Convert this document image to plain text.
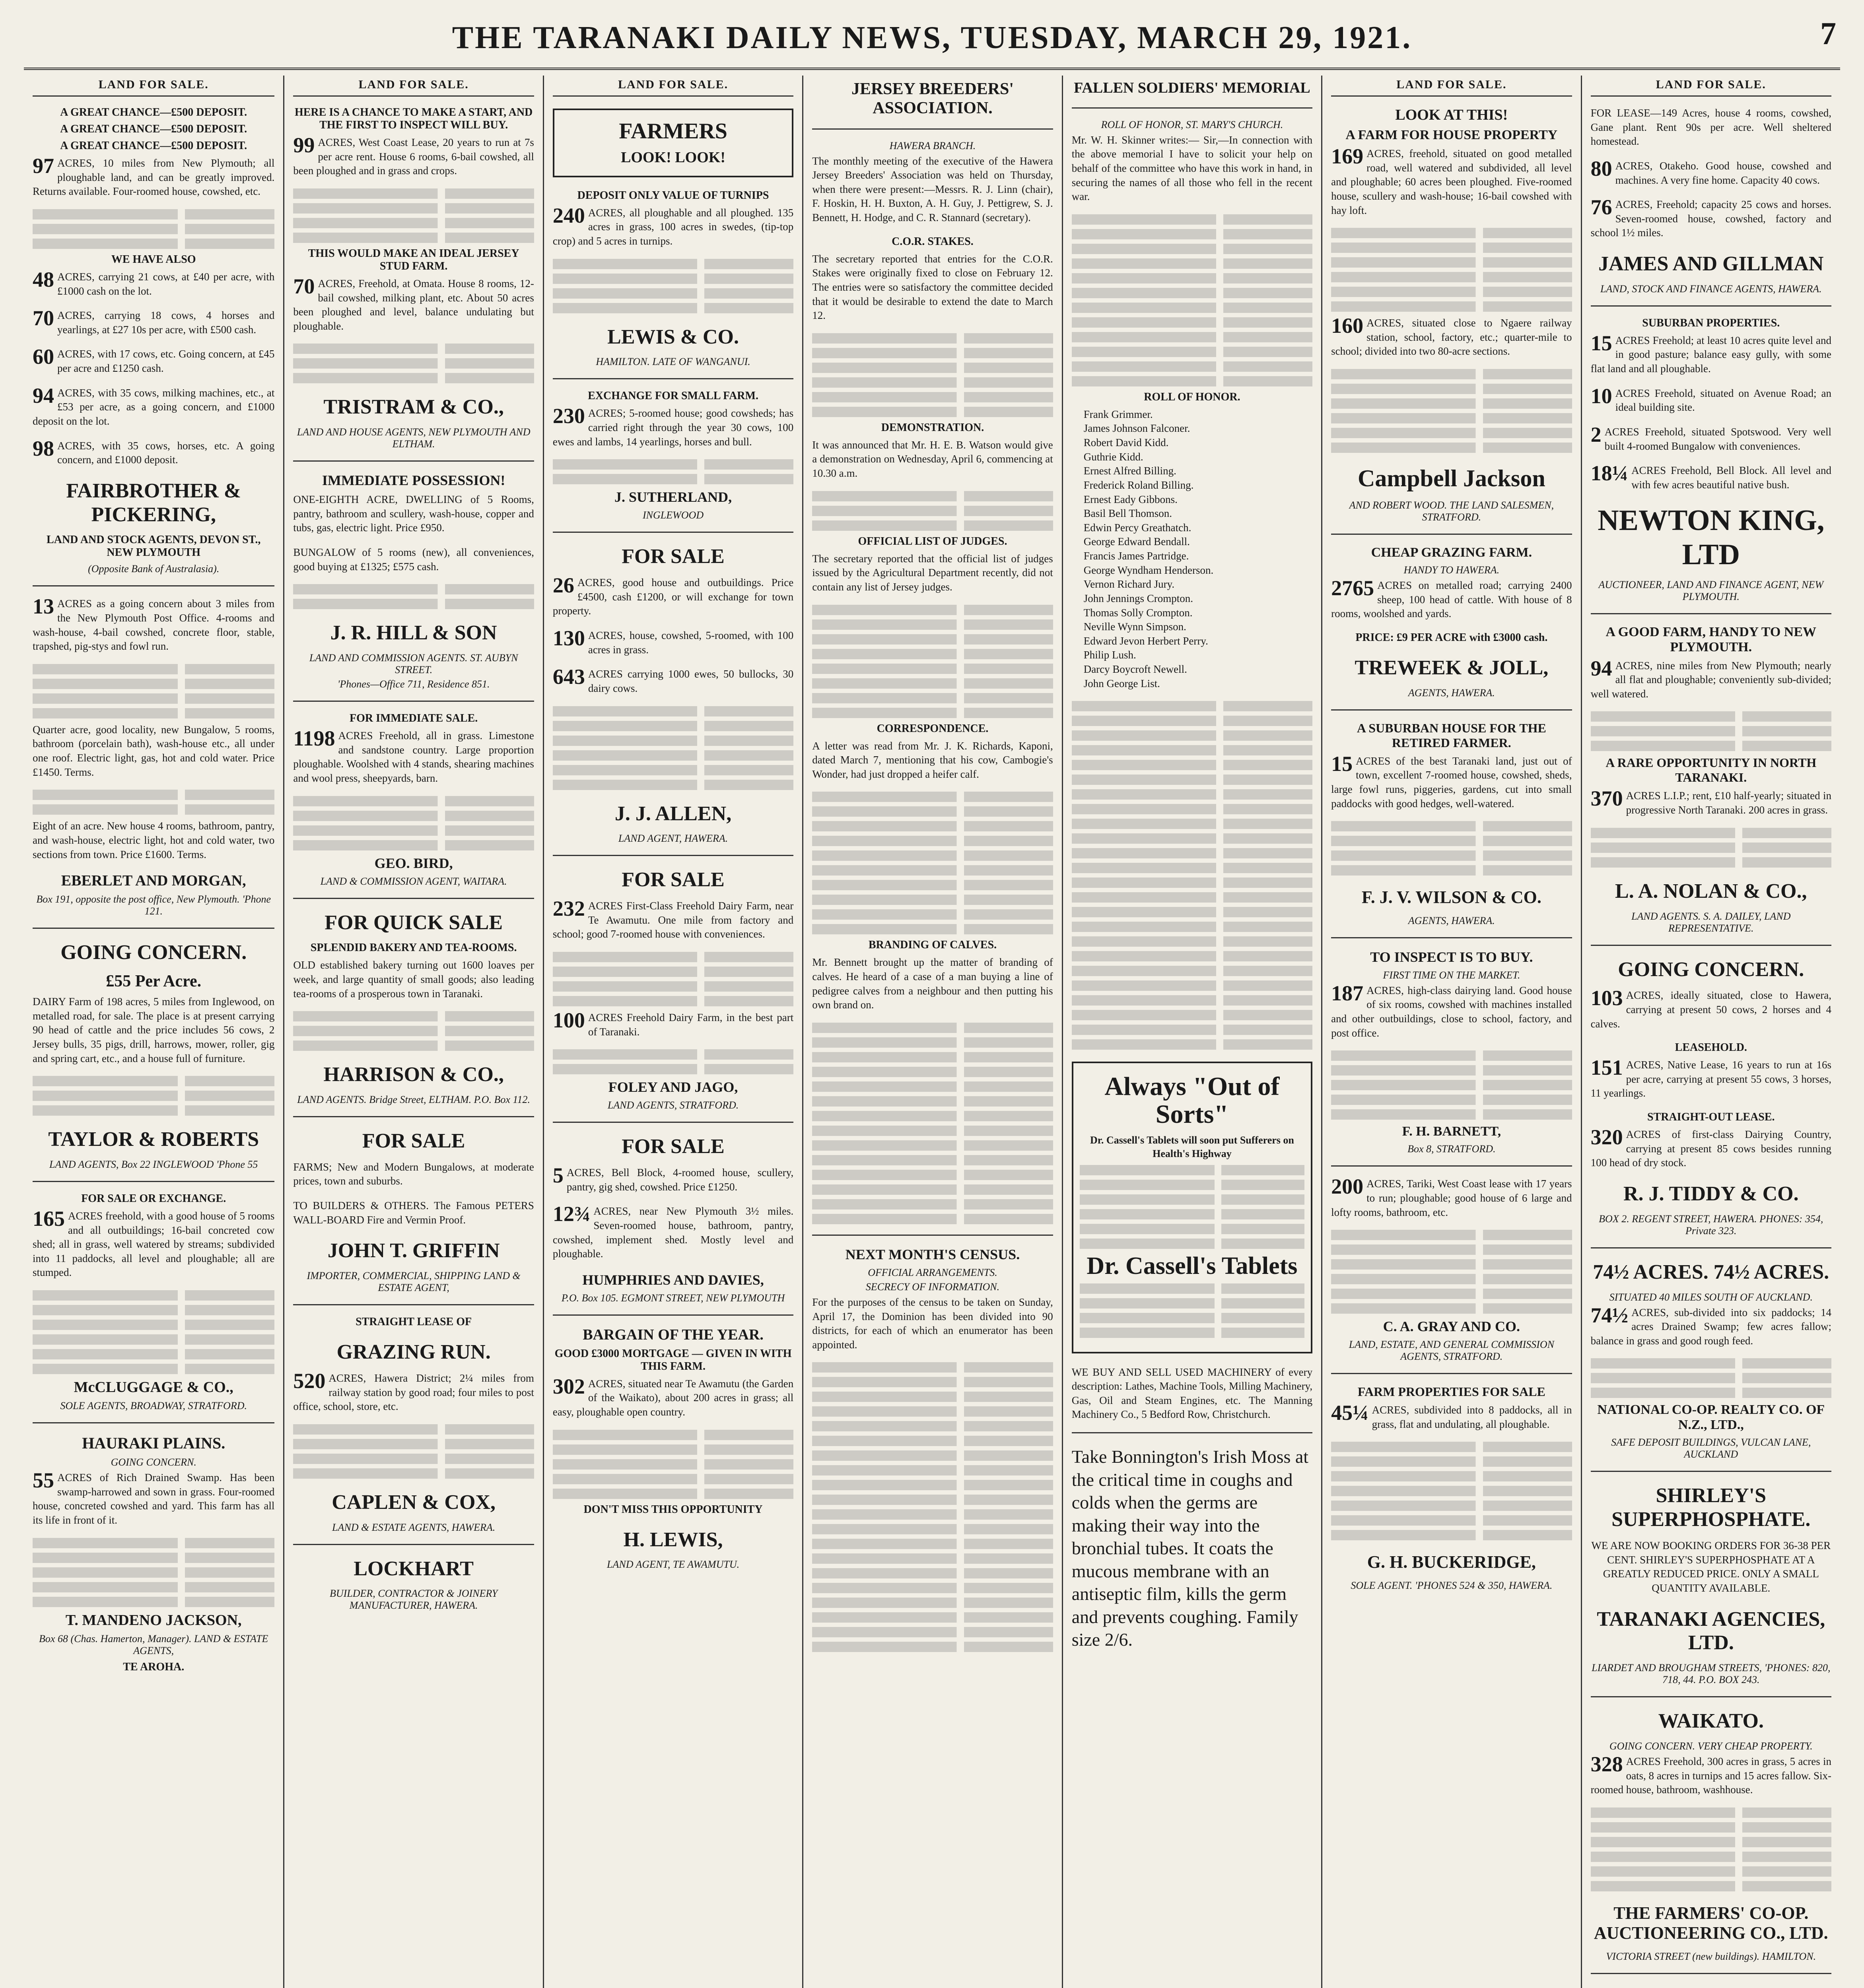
THE TARANAKI DAILY NEWS, TUESDAY, MARCH 29, 1921.	7
LAND FOR SALE.
A GREAT CHANCE—£500 DEPOSIT.
A GREAT CHANCE—£500 DEPOSIT.
A GREAT CHANCE—£500 DEPOSIT.

97 ACRES, 10 miles from New Plymouth; all ploughable land, and can be greatly improved. Returns available. Four-roomed house, cowshed, etc.

WE HAVE ALSO

48 ACRES, carrying 21 cows, at £40 per acre, with £1000 cash on the lot.

70 ACRES, carrying 18 cows, 4 horses and yearlings, at £27 10s per acre, with £500 cash.

60 ACRES, with 17 cows, etc. Going concern, at £45 per acre and £1250 cash.

94 ACRES, with 35 cows, milking machines, etc., at £53 per acre, as a going concern, and £1000 deposit on the lot.

98 ACRES, with 35 cows, horses, etc. A going concern, and £1000 deposit.

FAIRBROTHER & PICKERING,
LAND AND STOCK AGENTS, DEVON ST., NEW PLYMOUTH
(Opposite Bank of Australasia).

13 ACRES as a going concern about 3 miles from the New Plymouth Post Office. 4-rooms and wash-house, 4-bail cowshed, concrete floor, stable, trapshed, pig-stys and fowl run.

Quarter acre, good locality, new Bungalow, 5 rooms, bathroom (porcelain bath), wash-house etc., all under one roof. Electric light, gas, hot and cold water. Price £1450. Terms.

Eight of an acre. New house 4 rooms, bathroom, pantry, and wash-house, electric light, hot and cold water, two sections from town. Price £1600. Terms.

EBERLET AND MORGAN,
Box 191, opposite the post office, New Plymouth. 'Phone 121.
GOING CONCERN.
£55 Per Acre.

DAIRY Farm of 198 acres, 5 miles from Inglewood, on metalled road, for sale. The place is at present carrying 90 head of cattle and the price includes 56 cows, 2 Jersey bulls, 35 pigs, drill, harrows, mower, roller, gig and spring cart, etc., and a house full of furniture.

TAYLOR & ROBERTS
LAND AGENTS, Box 22 INGLEWOOD 'Phone 55
FOR SALE OR EXCHANGE.

165 ACRES freehold, with a good house of 5 rooms and all outbuildings; 16-bail concreted cow shed; all in grass, well watered by streams; subdivided into 11 paddocks, all level and ploughable; all are stumped.

McCLUGGAGE & CO.,
SOLE AGENTS, BROADWAY, STRATFORD.
HAURAKI PLAINS.
GOING CONCERN.

55 ACRES of Rich Drained Swamp. Has been swamp-harrowed and sown in grass. Four-roomed house, concreted cowshed and yard. This farm has all its life in front of it.

T. MANDENO JACKSON,
Box 68 (Chas. Hamerton, Manager). LAND & ESTATE AGENTS,
TE AROHA.
LAND FOR SALE.
HERE IS A CHANCE TO MAKE A START, AND THE FIRST TO INSPECT WILL BUY.

99 ACRES, West Coast Lease, 20 years to run at 7s per acre rent. House 6 rooms, 6-bail cowshed, all been ploughed and in grass and crops.

THIS WOULD MAKE AN IDEAL JERSEY STUD FARM.

70 ACRES, Freehold, at Omata. House 8 rooms, 12-bail cowshed, milking plant, etc. About 50 acres been ploughed and level, balance undulating but ploughable.

TRISTRAM & CO.,
LAND AND HOUSE AGENTS, NEW PLYMOUTH AND ELTHAM.
IMMEDIATE POSSESSION!

ONE-EIGHTH ACRE, DWELLING of 5 Rooms, pantry, bathroom and scullery, wash-house, copper and tubs, gas, electric light. Price £950.

BUNGALOW of 5 rooms (new), all conveniences, good buying at £1325; £575 cash.

J. R. HILL & SON
LAND AND COMMISSION AGENTS. ST. AUBYN STREET.
'Phones—Office 711, Residence 851.
FOR IMMEDIATE SALE.

1198 ACRES Freehold, all in grass. Limestone and sandstone country. Large proportion ploughable. Woolshed with 4 stands, shearing machines and wool press, sheepyards, barn.

GEO. BIRD,
LAND & COMMISSION AGENT, WAITARA.
FOR QUICK SALE
SPLENDID BAKERY AND TEA-ROOMS.

OLD established bakery turning out 1600 loaves per week, and large quantity of small goods; also leading tea-rooms of a prosperous town in Taranaki.

HARRISON & CO.,
LAND AGENTS. Bridge Street, ELTHAM. P.O. Box 112.
FOR SALE

FARMS; New and Modern Bungalows, at moderate prices, town and suburbs.

TO BUILDERS & OTHERS. The Famous PETERS WALL-BOARD Fire and Vermin Proof.

JOHN T. GRIFFIN
IMPORTER, COMMERCIAL, SHIPPING LAND & ESTATE AGENT,
STRAIGHT LEASE OF
GRAZING RUN.

520 ACRES, Hawera District; 2¼ miles from railway station by good road; four miles to post office, school, store, etc.

CAPLEN & COX,
LAND & ESTATE AGENTS, HAWERA.
LOCKHART
BUILDER, CONTRACTOR & JOINERY MANUFACTURER, HAWERA.
LAND FOR SALE.
FARMERS
LOOK! LOOK!
DEPOSIT ONLY VALUE OF TURNIPS

240 ACRES, all ploughable and all ploughed. 135 acres in grass, 100 acres in swedes, (tip-top crop) and 5 acres in turnips.

LEWIS & CO.
HAMILTON. LATE OF WANGANUI.
EXCHANGE FOR SMALL FARM.

230 ACRES; 5-roomed house; good cowsheds; has carried right through the year 30 cows, 100 ewes and lambs, 14 yearlings, horses and bull.

J. SUTHERLAND,
INGLEWOOD
FOR SALE

26 ACRES, good house and outbuildings. Price £4500, cash £1200, or will exchange for town property.

130 ACRES, house, cowshed, 5-roomed, with 100 acres in grass.

643 ACRES carrying 1000 ewes, 50 bullocks, 30 dairy cows.

J. J. ALLEN,
LAND AGENT, HAWERA.
FOR SALE

232 ACRES First-Class Freehold Dairy Farm, near Te Awamutu. One mile from factory and school; good 7-roomed house with conveniences.

100 ACRES Freehold Dairy Farm, in the best part of Taranaki.

FOLEY AND JAGO,
LAND AGENTS, STRATFORD.
FOR SALE

5 ACRES, Bell Block, 4-roomed house, scullery, pantry, gig shed, cowshed. Price £1250.

12¾ ACRES, near New Plymouth 3½ miles. Seven-roomed house, bathroom, pantry, cowshed, implement shed. Mostly level and ploughable.

HUMPHRIES AND DAVIES,
P.O. Box 105. EGMONT STREET, NEW PLYMOUTH
BARGAIN OF THE YEAR.
GOOD £3000 MORTGAGE — GIVEN IN WITH THIS FARM.

302 ACRES, situated near Te Awamutu (the Garden of the Waikato), about 200 acres in grass; all easy, ploughable open country.

DON'T MISS THIS OPPORTUNITY
H. LEWIS,
LAND AGENT, TE AWAMUTU.
JERSEY BREEDERS' ASSOCIATION.
HAWERA BRANCH.

The monthly meeting of the executive of the Hawera Jersey Breeders' Association was held on Thursday, when there were present:—Messrs. R. J. Linn (chair), F. Hoskin, H. H. Buxton, A. H. Guy, J. Pettigrew, S. J. Bennett, H. Hodge, and C. R. Stannard (secretary).

C.O.R. STAKES.

The secretary reported that entries for the C.O.R. Stakes were originally fixed to close on February 12. The entries were so satisfactory the committee decided that it would be desirable to extend the date to March 12.

DEMONSTRATION.

It was announced that Mr. H. E. B. Watson would give a demonstration on Wednesday, April 6, commencing at 10.30 a.m.

OFFICIAL LIST OF JUDGES.

The secretary reported that the official list of judges issued by the Agricultural Department recently, did not contain any list of Jersey judges.

CORRESPONDENCE.

A letter was read from Mr. J. K. Richards, Kaponi, dated March 7, mentioning that his cow, Cambogie's Wonder, had just dropped a heifer calf.

BRANDING OF CALVES.

Mr. Bennett brought up the matter of branding of calves. He heard of a case of a man buying a line of pedigree calves from a neighbour and then putting his own brand on.

NEXT MONTH'S CENSUS.
OFFICIAL ARRANGEMENTS.
SECRECY OF INFORMATION.

For the purposes of the census to be taken on Sunday, April 17, the Dominion has been divided into 90 districts, for each of which an enumerator has been appointed.

FALLEN SOLDIERS' MEMORIAL
ROLL OF HONOR, ST. MARY'S CHURCH.

Mr. W. H. Skinner writes:— Sir,—In connection with the above memorial I have to solicit your help on behalf of the committee who have this work in hand, in securing the names of all those who fell in the recent war.

ROLL OF HONOR.
Frank Grimmer.
James Johnson Falconer.
Robert David Kidd.
Guthrie Kidd.
Ernest Alfred Billing.
Frederick Roland Billing.
Ernest Eady Gibbons.
Basil Bell Thomson.
Edwin Percy Greathatch.
George Edward Bendall.
Francis James Partridge.
George Wyndham Henderson.
Vernon Richard Jury.
John Jennings Crompton.
Thomas Solly Crompton.
Neville Wynn Simpson.
Edward Jevon Herbert Perry.
Philip Lush.
Darcy Boycroft Newell.
John George List.
Always "Out of Sorts"
Dr. Cassell's Tablets will soon put Sufferers on Health's Highway
Dr. Cassell's Tablets

WE BUY AND SELL USED MACHINERY of every description: Lathes, Machine Tools, Milling Machinery, Gas, Oil and Steam Engines, etc. The Manning Machinery Co., 5 Bedford Row, Christchurch.

Take Bonnington's Irish Moss at the critical time in coughs and colds when the germs are making their way into the bronchial tubes. It coats the mucous membrane with an antiseptic film, kills the germ and prevents coughing. Family size 2/6.
LAND FOR SALE.
LOOK AT THIS!
A FARM FOR HOUSE PROPERTY

169 ACRES, freehold, situated on good metalled road, well watered and subdivided, all level and ploughable; 60 acres been ploughed. Five-roomed house, scullery and wash-house; 16-bail cowshed with hay loft.

160 ACRES, situated close to Ngaere railway station, school, factory, etc.; quarter-mile to school; divided into two 80-acre sections.

Campbell Jackson
AND ROBERT WOOD. THE LAND SALESMEN, STRATFORD.
CHEAP GRAZING FARM.
HANDY TO HAWERA.

2765 ACRES on metalled road; carrying 2400 sheep, 100 head of cattle. With house of 8 rooms, woolshed and yards.

PRICE: £9 PER ACRE with £3000 cash.
TREWEEK & JOLL,
AGENTS, HAWERA.
A SUBURBAN HOUSE FOR THE RETIRED FARMER.

15 ACRES of the best Taranaki land, just out of town, excellent 7-roomed house, cowshed, sheds, large fowl runs, piggeries, gardens, cut into small paddocks with good hedges, well-watered.

F. J. V. WILSON & CO.
AGENTS, HAWERA.
TO INSPECT IS TO BUY.
FIRST TIME ON THE MARKET.

187 ACRES, high-class dairying land. Good house of six rooms, cowshed with machines installed and other outbuildings, close to school, factory, and post office.

F. H. BARNETT,
Box 8, STRATFORD.

200 ACRES, Tariki, West Coast lease with 17 years to run; ploughable; good house of 6 large and lofty rooms, bathroom, etc.

C. A. GRAY AND CO.
LAND, ESTATE, AND GENERAL COMMISSION AGENTS, STRATFORD.
FARM PROPERTIES FOR SALE

45¼ ACRES, subdivided into 8 paddocks, all in grass, flat and undulating, all ploughable.

G. H. BUCKERIDGE,
SOLE AGENT. 'PHONES 524 & 350, HAWERA.
LAND FOR SALE.

FOR LEASE—149 Acres, house 4 rooms, cowshed, Gane plant. Rent 90s per acre. Well sheltered homestead.

80 ACRES, Otakeho. Good house, cowshed and machines. A very fine home. Capacity 40 cows.

76 ACRES, Freehold; capacity 25 cows and horses. Seven-roomed house, cowshed, factory and school 1½ miles.

JAMES AND GILLMAN
LAND, STOCK AND FINANCE AGENTS, HAWERA.
SUBURBAN PROPERTIES.

15 ACRES Freehold; at least 10 acres quite level and in good pasture; balance easy gully, with some flat land and all ploughable.

10 ACRES Freehold, situated on Avenue Road; an ideal building site.

2 ACRES Freehold, situated Spotswood. Very well built 4-roomed Bungalow with conveniences.

18¼ ACRES Freehold, Bell Block. All level and with few acres beautiful native bush.

NEWTON KING, LTD
AUCTIONEER, LAND AND FINANCE AGENT, NEW PLYMOUTH.
A GOOD FARM, HANDY TO NEW PLYMOUTH.

94 ACRES, nine miles from New Plymouth; nearly all flat and ploughable; conveniently sub-divided; well watered.

A RARE OPPORTUNITY IN NORTH TARANAKI.

370 ACRES L.I.P.; rent, £10 half-yearly; situated in progressive North Taranaki. 200 acres in grass.

L. A. NOLAN & CO.,
LAND AGENTS. S. A. DAILEY, LAND REPRESENTATIVE.
GOING CONCERN.

103 ACRES, ideally situated, close to Hawera, carrying at present 50 cows, 2 horses and 4 calves.

LEASEHOLD.

151 ACRES, Native Lease, 16 years to run at 16s per acre, carrying at present 55 cows, 3 horses, 11 yearlings.

STRAIGHT-OUT LEASE.

320 ACRES of first-class Dairying Country, carrying at present 85 cows besides running 100 head of dry stock.

R. J. TIDDY & CO.
BOX 2. REGENT STREET, HAWERA. PHONES: 354, Private 323.
74½ ACRES. 74½ ACRES.
SITUATED 40 MILES SOUTH OF AUCKLAND.

74½ ACRES, sub-divided into six paddocks; 14 acres Drained Swamp; few acres fallow; balance in grass and good rough feed.

NATIONAL CO-OP. REALTY CO. OF N.Z., LTD.,
SAFE DEPOSIT BUILDINGS, VULCAN LANE, AUCKLAND
SHIRLEY'S SUPERPHOSPHATE.

WE ARE NOW BOOKING ORDERS FOR 36-38 PER CENT. SHIRLEY'S SUPERPHOSPHATE AT A GREATLY REDUCED PRICE. ONLY A SMALL QUANTITY AVAILABLE.

TARANAKI AGENCIES, LTD.
LIARDET AND BROUGHAM STREETS, 'PHONES: 820, 718, 44. P.O. BOX 243.
WAIKATO.
GOING CONCERN. VERY CHEAP PROPERTY.

328 ACRES Freehold, 300 acres in grass, 5 acres in oats, 8 acres in turnips and 15 acres fallow. Six-roomed house, bathroom, washhouse.

THE FARMERS' CO-OP. AUCTIONEERING CO., LTD.
VICTORIA STREET (new buildings). HAMILTON.
